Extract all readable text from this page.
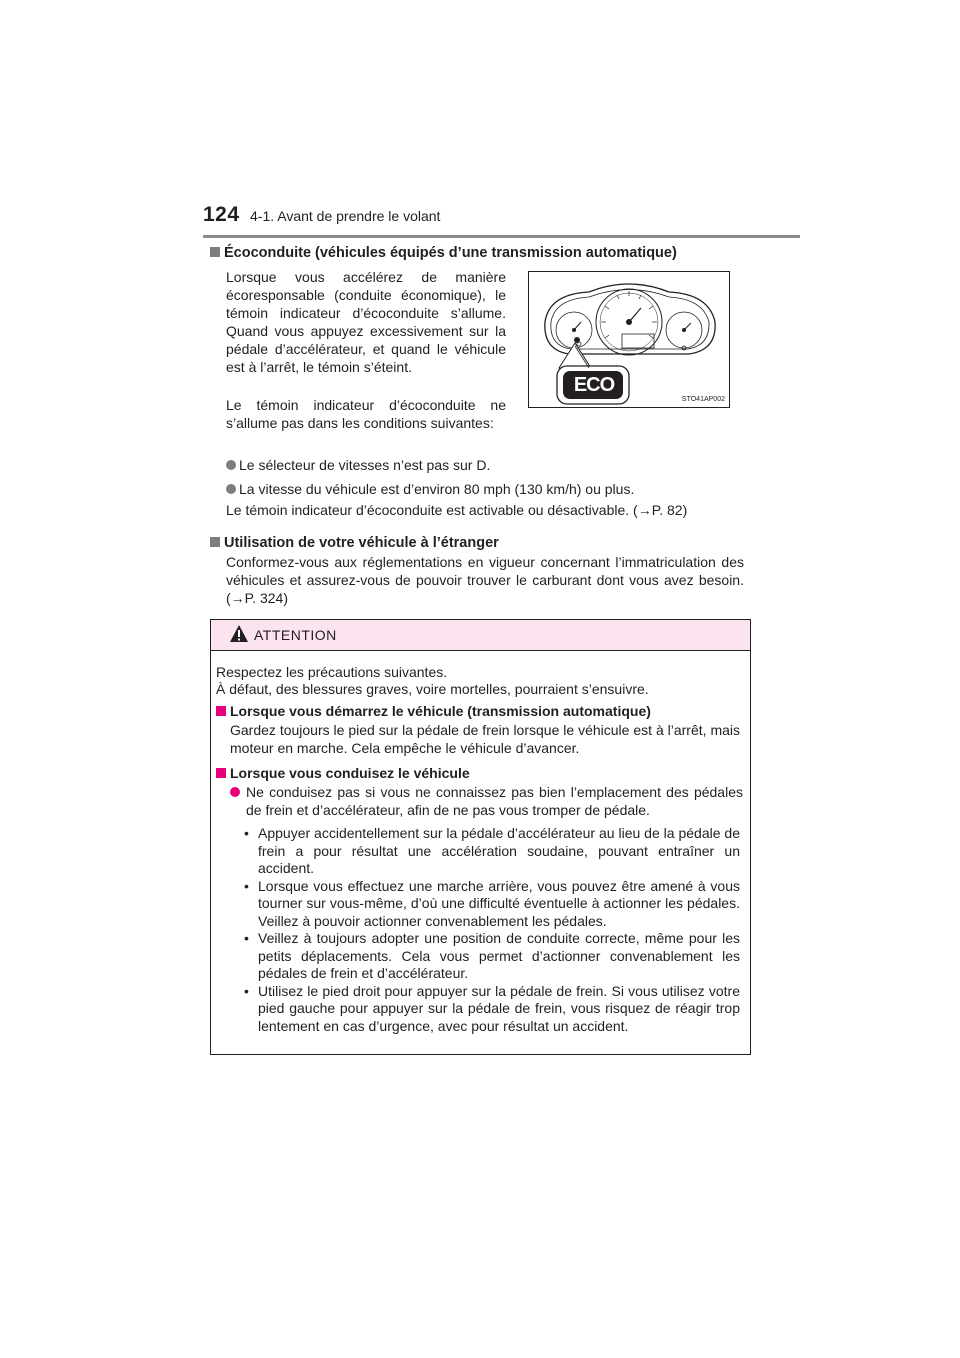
124 4-1. Avant de prendre le volant
Écoconduite (véhicules équipés d’une transmission automatique)

Lorsque vous accélérez de manière écoresponsable (conduite économique), le témoin indicateur d’écoconduite s’allume. Quand vous appuyez excessivement sur la pédale d’accélérateur, et quand le véhicule est à l’arrêt, le témoin s’éteint.

Le témoin indicateur d’écoconduite ne s’allume pas dans les conditions suivantes:

Le sélecteur de vitesses n’est pas sur D.
La vitesse du véhicule est d’environ 80 mph (130 km/h) ou plus.

Le témoin indicateur d’écoconduite est activable ou désactivable. (→P. 82)

ECO
STO41AP002
Utilisation de votre véhicule à l’étranger

Conformez-vous aux réglementations en vigueur concernant l’immatriculation des véhicules et assurez-vous de pouvoir trouver le carburant dont vous avez besoin. (→P. 324)

ATTENTION

Respectez les précautions suivantes.

À défaut, des blessures graves, voire mortelles, pourraient s’ensuivre.

Lorsque vous démarrez le véhicule (transmission automatique)

Gardez toujours le pied sur la pédale de frein lorsque le véhicule est à l’arrêt, mais moteur en marche. Cela empêche le véhicule d’avancer.

Lorsque vous conduisez le véhicule

Ne conduisez pas si vous ne connaissez pas bien l’emplacement des pédales de frein et d’accélérateur, afin de ne pas vous tromper de pédale.

• Appuyer accidentellement sur la pédale d’accélérateur au lieu de la pédale de frein a pour résultat une accélération soudaine, pouvant entraîner un accident.
• Lorsque vous effectuez une marche arrière, vous pouvez être amené à vous tourner sur vous-même, d’où une difficulté éventuelle à actionner les pédales. Veillez à pouvoir actionner convenablement les pédales.
• Veillez à toujours adopter une position de conduite correcte, même pour les petits déplacements. Cela vous permet d’actionner convenablement les pédales de frein et d’accélérateur.
• Utilisez le pied droit pour appuyer sur la pédale de frein. Si vous utilisez votre pied gauche pour appuyer sur la pédale de frein, vous risquez de réagir trop lentement en cas d’urgence, avec pour résultat un accident.
